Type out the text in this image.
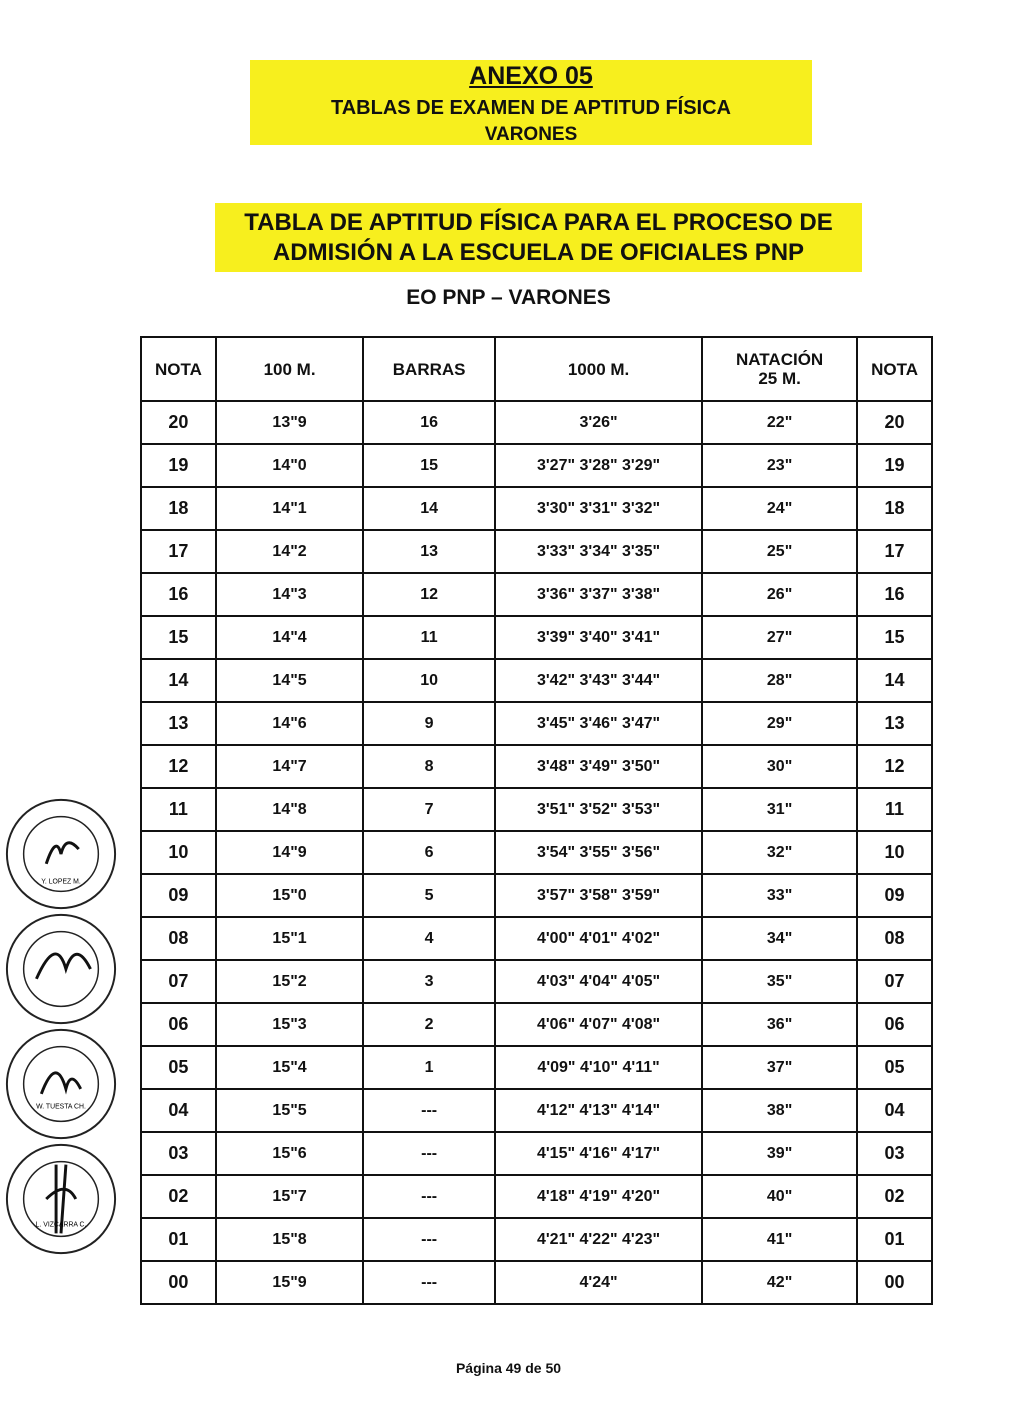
ANEXO 05
TABLAS DE EXAMEN DE APTITUD FÍSICA
VARONES
TABLA DE APTITUD FÍSICA PARA EL PROCESO DE
ADMISIÓN A LA ESCUELA DE OFICIALES PNP
EO PNP – VARONES
NOTA	100 M.	BARRAS	1000 M.	NATACIÓN 25 M.	NOTA
20	13"9	16	3'26"	22"	20
19	14"0	15	3'27" 3'28" 3'29"	23"	19
18	14"1	14	3'30" 3'31" 3'32"	24"	18
17	14"2	13	3'33" 3'34" 3'35"	25"	17
16	14"3	12	3'36" 3'37" 3'38"	26"	16
15	14"4	11	3'39" 3'40" 3'41"	27"	15
14	14"5	10	3'42" 3'43" 3'44"	28"	14
13	14"6	9	3'45" 3'46" 3'47"	29"	13
12	14"7	8	3'48" 3'49" 3'50"	30"	12
11	14"8	7	3'51" 3'52" 3'53"	31"	11
10	14"9	6	3'54" 3'55" 3'56"	32"	10
09	15"0	5	3'57" 3'58" 3'59"	33"	09
08	15"1	4	4'00" 4'01" 4'02"	34"	08
07	15"2	3	4'03" 4'04" 4'05"	35"	07
06	15"3	2	4'06" 4'07" 4'08"	36"	06
05	15"4	1	4'09" 4'10" 4'11"	37"	05
04	15"5	---	4'12" 4'13" 4'14"	38"	04
03	15"6	---	4'15" 4'16" 4'17"	39"	03
02	15"7	---	4'18" 4'19" 4'20"	40"	02
01	15"8	---	4'21" 4'22" 4'23"	41"	01
00	15"9	---	4'24"	42"	00
Y. LOPEZ M.
W. TUESTA CH.
L. VIZCARRA C.
Página 49 de 50
